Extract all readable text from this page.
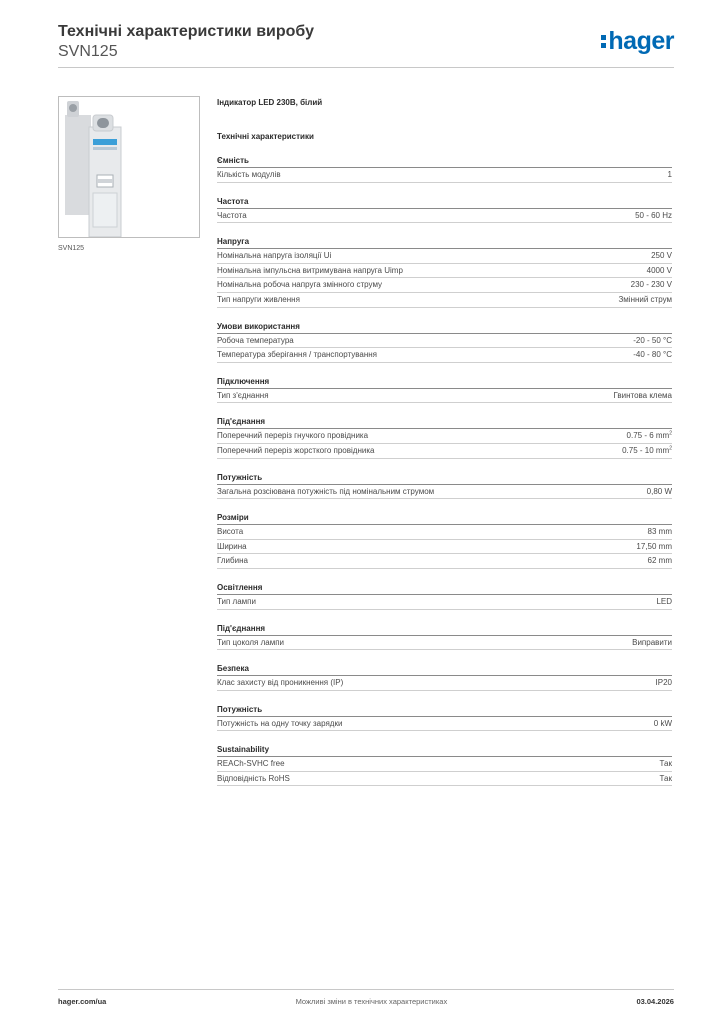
Технічні характеристики виробу
SVN125	hager
SVN125
Індикатор LED 230В, білий
Технічні характеристики
Ємність
Кількість модулів	1
Частота
Частота	50 - 60 Hz
Напруга
Номінальна напруга ізоляції Ui	250 V
Номінальна імпульсна витримувана напруга Uimp	4000 V
Номінальна робоча напруга змінного струму	230 - 230 V
Тип напруги живлення	Змінний струм
Умови використання
Робоча температура	-20 - 50 °C
Температура зберігання / транспортування	-40 - 80 °C
Підключення
Тип з'єднання	Гвинтова клема
Під'єднання
Поперечний переріз гнучкого провідника	0.75 - 6 $mm^2$
Поперечний переріз жорсткого провідника	0.75 - 10 $mm^2$
Потужність
Загальна розсіювана потужність під номінальним струмом	0,80 W
Розміри
Висота	83 mm
Ширина	17,50 mm
Глибина	62 mm
Освітлення
Тип лампи	LED
Під'єднання
Тип цоколя лампи	Виправити
Безпека
Клас захисту від проникнення (IP)	IP20
Потужність
Потужність на одну точку зарядки	0 kW
Sustainability
REACh-SVHC free	Так
Відповідність RoHS	Так
hager.com/ua	Можливі зміни в технічних характеристиках	03.04.2026
